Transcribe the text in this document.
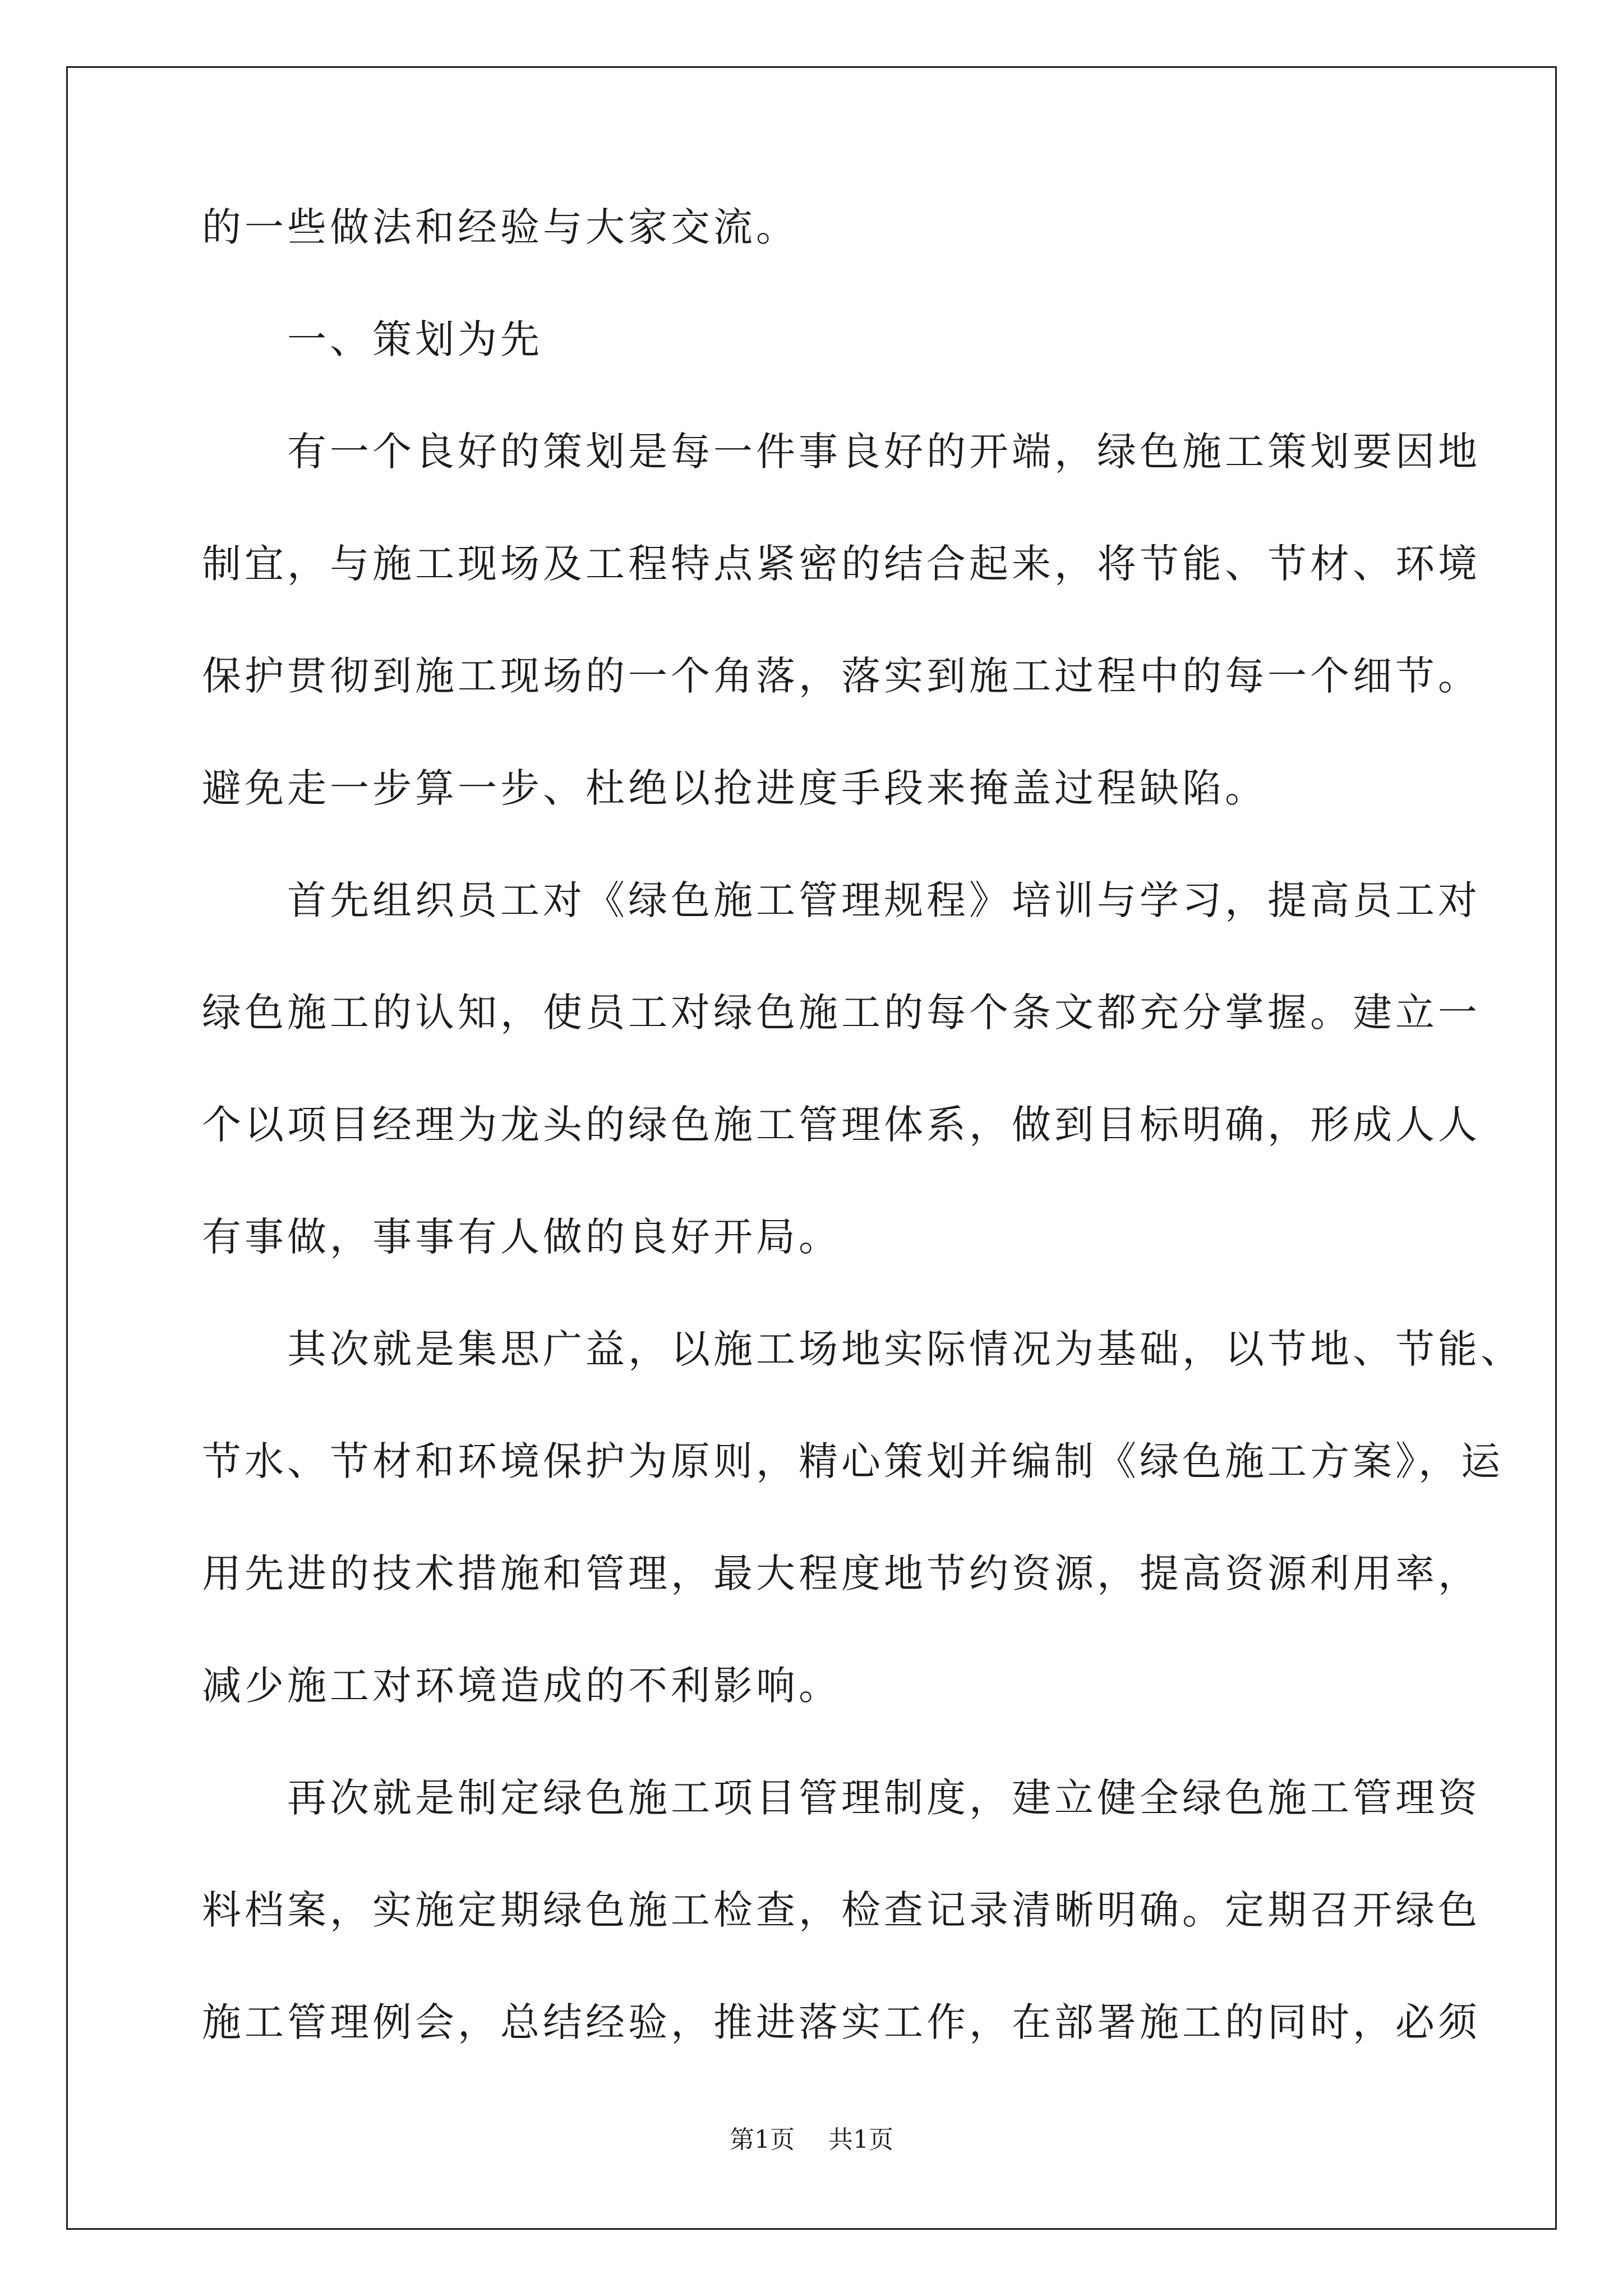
的一些做法和经验与大家交流。
　　一、策划为先
　　有一个良好的策划是每一件事良好的开端，绿色施工策划要因地
制宜，与施工现场及工程特点紧密的结合起来，将节能、节材、环境
保护贯彻到施工现场的一个角落，落实到施工过程中的每一个细节。
避免走一步算一步、杜绝以抢进度手段来掩盖过程缺陷。
　　首先组织员工对《绿色施工管理规程》培训与学习，提高员工对
绿色施工的认知，使员工对绿色施工的每个条文都充分掌握。建立一
个以项目经理为龙头的绿色施工管理体系，做到目标明确，形成人人
有事做，事事有人做的良好开局。
　　其次就是集思广益，以施工场地实际情况为基础，以节地、节能、
节水、节材和环境保护为原则，精心策划并编制《绿色施工方案》，运
用先进的技术措施和管理，最大程度地节约资源，提高资源利用率，
减少施工对环境造成的不利影响。
　　再次就是制定绿色施工项目管理制度，建立健全绿色施工管理资
料档案，实施定期绿色施工检查，检查记录清晰明确。定期召开绿色
施工管理例会，总结经验，推进落实工作，在部署施工的同时，必须
第1页 共1页
